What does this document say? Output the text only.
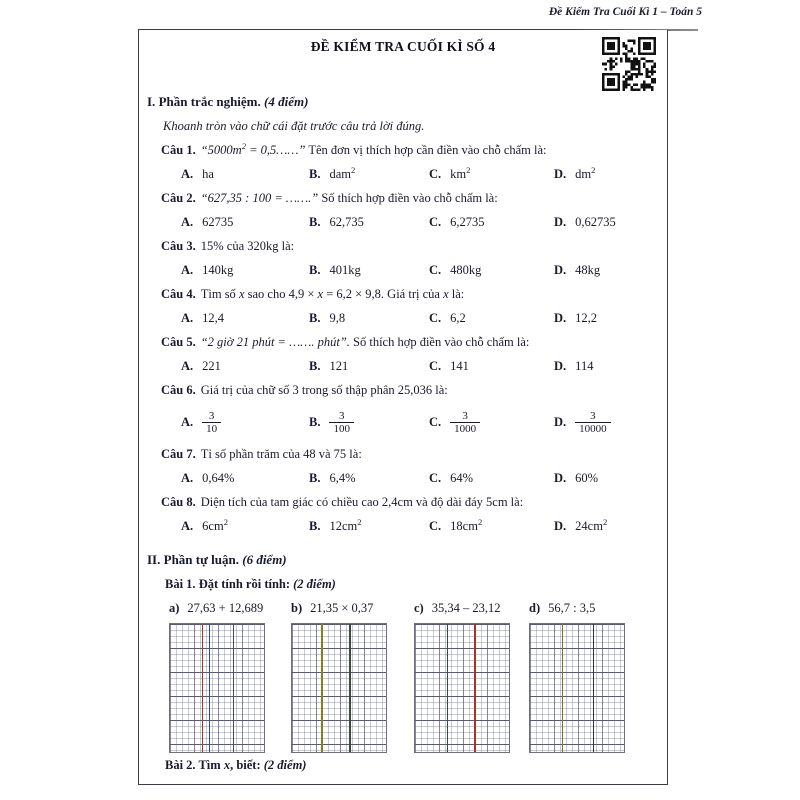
Đề Kiểm Tra Cuối Kì 1 – Toán 5
ĐỀ KIỂM TRA CUỐI KÌ SỐ 4
I. Phần trắc nghiệm. (4 điểm)
Khoanh tròn vào chữ cái đặt trước câu trả lời đúng.
Câu 1. “$5000m^2$ = 0,5……” Tên đơn vị thích hợp cần điền vào chỗ chấm là:
A. ha	B. dam$^2$	C. $km^2$	D. $dm^2$
Câu 2. “627,35 : 100 = …….” Số thích hợp điền vào chỗ chấm là:
A. 62735	B. 62,735	C. 6,2735	D. 0,62735
Câu 3. 15% của 320kg là:
A. 140kg	B. 401kg	C. 480kg	D. 48kg
Câu 4. Tìm số x sao cho 4,9 × x = 6,2 × 9,8. Giá trị của x là:
A. 12,4	B. 9,8	C. 6,2	D. 12,2
Câu 5. “2 giờ 21 phút = ……. phút”. Số thích hợp điền vào chỗ chấm là:
A. 221	B. 121	C. 141	D. 114
Câu 6. Giá trị của chữ số 3 trong số thập phân 25,036 là:
A. $\frac{3}{10}$	B. $\frac{3}{100}$	C. $\frac{3}{1000}$	D. $\frac{3}{10000}$
Câu 7. Tỉ số phần trăm của 48 và 75 là:
A. 0,64%	B. 6,4%	C. 64%	D. 60%
Câu 8. Diện tích của tam giác có chiều cao 2,4cm và độ dài đáy 5cm là:
A. $6cm^2$	B. $12cm^2$	C. $18cm^2$	D. $24cm^2$
II. Phần tự luận. (6 điểm)
Bài 1. Đặt tính rồi tính: (2 điểm)
a) 27,63 + 12,689	b) 21,35 × 0,37	c) 35,34 – 23,12	d) 56,7 : 3,5
Bài 2. Tìm x, biết: (2 điểm)
